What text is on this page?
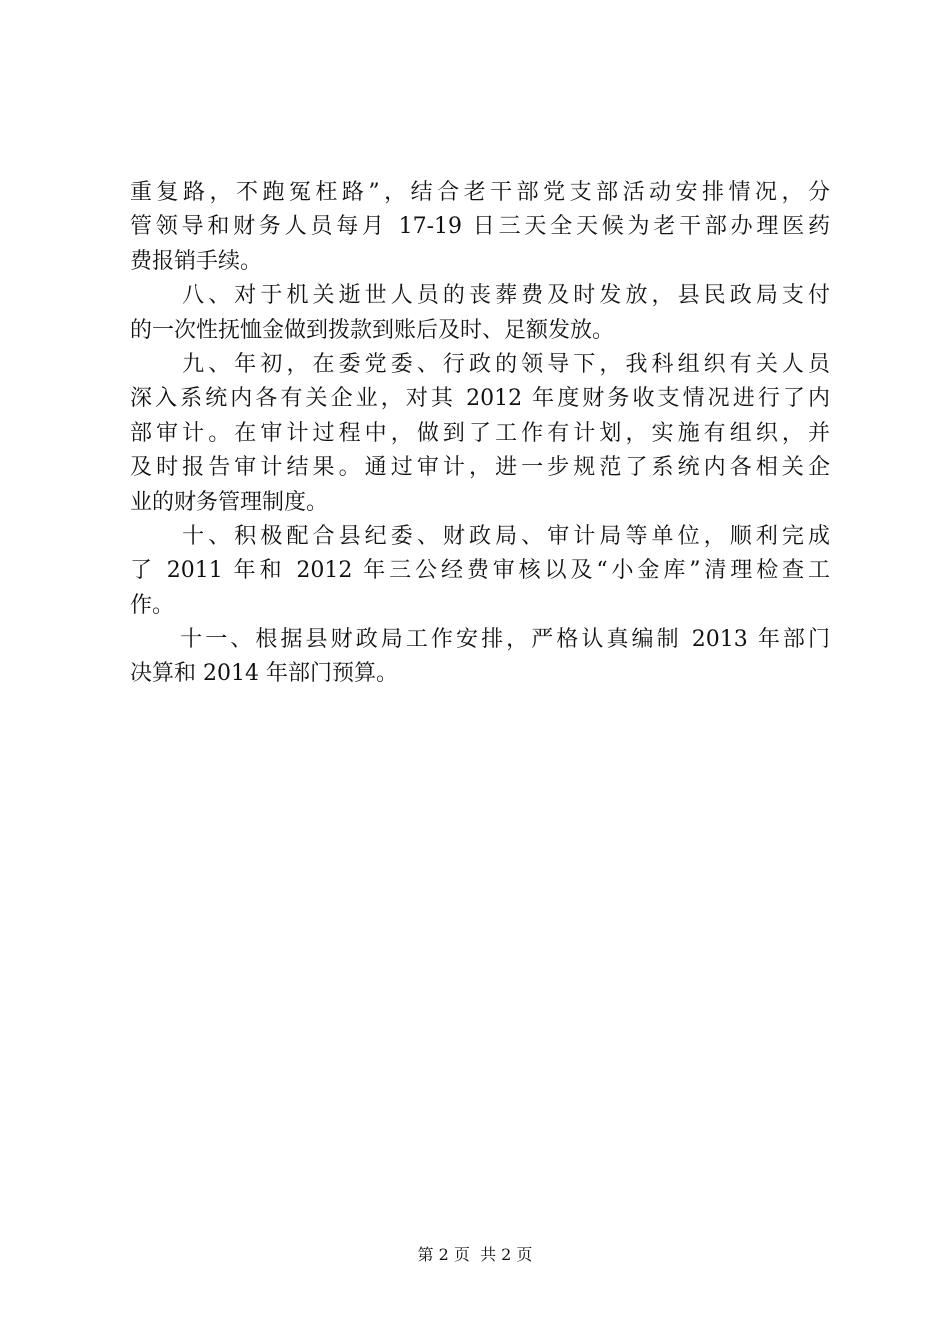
重复路，不跑冤枉路”，结合老干部党支部活动安排情况，分
管领导和财务人员每月 17-19 日三天全天候为老干部办理医药
费报销手续。
　　八、对于机关逝世人员的丧葬费及时发放，县民政局支付
的一次性抚恤金做到拨款到账后及时、足额发放。
　　九、年初，在委党委、行政的领导下，我科组织有关人员
深入系统内各有关企业，对其 2012 年度财务收支情况进行了内
部审计。在审计过程中，做到了工作有计划，实施有组织，并
及时报告审计结果。通过审计，进一步规范了系统内各相关企
业的财务管理制度。
　　十、积极配合县纪委、财政局、审计局等单位，顺利完成
了 2011 年和 2012 年三公经费审核以及“小金库”清理检查工
作。
　　十一、根据县财政局工作安排，严格认真编制 2013 年部门
决算和 2014 年部门预算。
第 2 页  共 2 页
